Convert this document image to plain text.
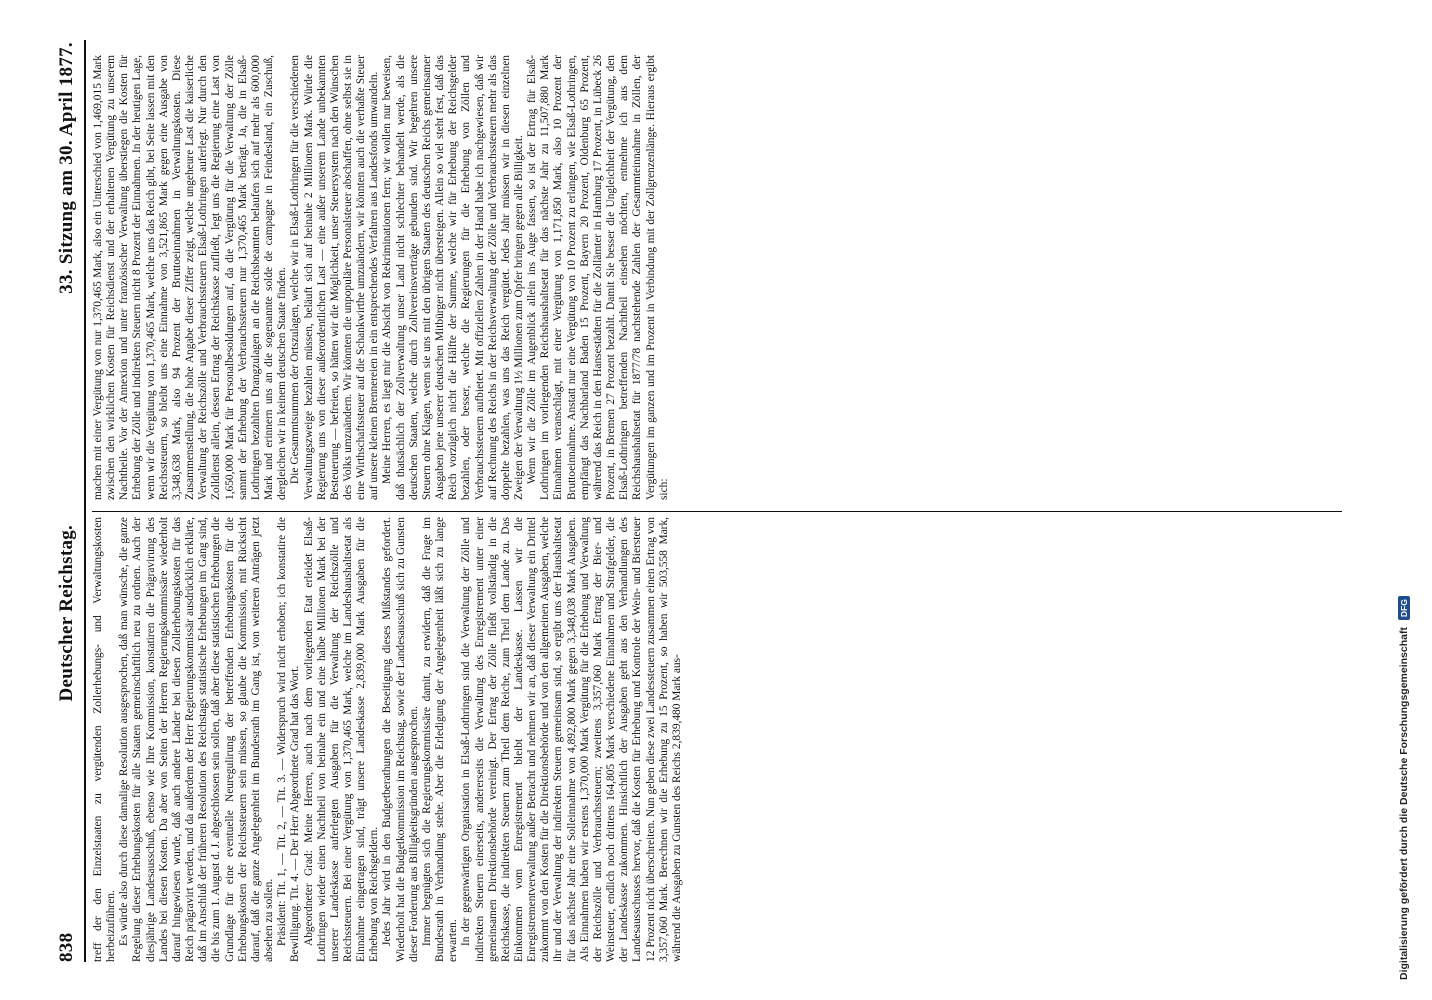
838
Deutscher Reichstag.
33. Sitzung am 30. April 1877.

treff der den Einzelstaaten zu vergütenden Zollerhebungs- und Verwaltungskosten herbeizuführen. Es würde also durch diese damalige Resolution ausgesprochen, daß man wünsche, die ganze Regelung dieser Erhebungskosten für alle Staaten gemeinschaftlich neu zu ordnen. Auch der diesjährige Landesausschuß, ebenso wie Ihre Kommission, konstatiren die Prägravirung des Landes bei diesen Kosten. Da aber von Seiten der Herren Regierungskommissäre wiederholt darauf hingewiesen wurde, daß auch andere Länder bei diesen Zollerhebungskosten für das Reich prägravirt werden, und da außerdem der Herr Regierungskommissär ausdrücklich erklärte, daß im Anschluß der früheren Resolution des Reichstags statistische Erhebungen im Gang sind, die bis zum 1. August d. J. abgeschlossen sein sollen, daß aber diese statistischen Erhebungen die Grundlage für eine eventuelle Neuregulirung der betreffenden Erhebungskosten für die Erhebungskosten der Reichssteuern sein müssen, so glaube die Kommission, mit Rücksicht darauf, daß die ganze Angelegenheit im Bundesrath im Gang ist, von weiteren Anträgen jetzt absehen zu sollen. Präsident: Tit. 1, — Tit. 2, — Tit. 3. — Widerspruch wird nicht erhoben; ich konstatire die Bewilligung. Tit. 4. — Der Herr Abgeordnete Grad hat das Wort. Abgeordneter Grad: Meine Herren, auch nach dem vorliegenden Etat erleidet Elsaß-Lothringen wieder einen Nachtheil von beinahe ein und eine halbe Millionen Mark bei der unserer Landeskasse auferlegten Ausgaben für die Verwaltung der Reichszölle und Reichssteuern. Bei einer Vergütung von 1,370,465 Mark, welche im Landeshaushaltsetat als Einnahme eingetragen sind, trägt unsere Landeskasse 2,839,000 Mark Ausgaben für die Erhebung von Reichsgeldern. Jedes Jahr wird in den Budgetberathungen die Beseitigung dieses Mißstandes gefordert. Wiederholt hat die Budgetkommission im Reichstag, sowie der Landesausschuß sich zu Gunsten dieser Forderung aus Billigkeitsgründen ausgesprochen. Immer begnügten sich die Regierungskommissäre damit, zu erwidern, daß die Frage im Bundesrath in Verhandlung stehe. Aber die Erledigung der Angelegenheit läßt sich zu lange erwarten. In der gegenwärtigen Organisation in Elsaß-Lothringen sind die Verwaltung der Zölle und indirekten Steuern einerseits, andererseits die Verwaltung des Enregistrement unter einer gemeinsamen Direktionsbehörde vereinigt. Der Ertrag der Zölle fließt vollständig in die Reichskasse, die indirekten Steuern zum Theil dem Reiche, zum Theil dem Lande zu. Das Einkommen vom Enregistrement bleibt der Landeskasse. Lassen wir die Enregistrementverwaltung außer Betracht und nehmen wir an, daß dieser Verwaltung ein Drittel zukommt von den Kosten für die Direktionsbehörde und von den allgemeinen Ausgaben, welche ihr und der Verwaltung der indirekten Steuern gemeinsam sind, so ergibt uns der Haushaltsetat für das nächste Jahr eine Solleinnahme von 4,892,800 Mark gegen 3,348,038 Mark Ausgaben. Als Einnahmen haben wir erstens 1,370,000 Mark Vergütung für die Erhebung und Verwaltung der Reichszölle und Verbrauchssteuern; zweitens 3,357,060 Mark Ertrag der Bier- und Weinsteuer, endlich noch drittens 164,805 Mark verschiedene Einnahmen und Strafgelder, die der Landeskasse zukommen. Hinsichtlich der Ausgaben geht aus den Verhandlungen des Landesausschusses hervor, daß die Kosten für Erhebung und Kontrole der Wein- und Biersteuer 12 Prozent nicht überschreiten. Nun geben diese zwei Landessteuern zusammen einen Ertrag von 3,357,060 Mark. Berechnen wir die Erhebung zu 15 Prozent, so haben wir 503,558 Mark, während die Ausgaben zu Gunsten des Reichs 2,839,480 Mark aus-

machen mit einer Vergütung von nur 1,370,465 Mark, also ein Unterschied von 1,469,015 Mark zwischen den wirklichen Kosten für Reichsdienst und der erhaltenen Vergütung zu unserem Nachtheile. Vor der Annexion und unter französischer Verwaltung überstiegen die Kosten für Erhebung der Zölle und indirekten Steuern nicht 8 Prozent der Einnahmen. In der heutigen Lage, wenn wir die Vergütung von 1,370,465 Mark, welche uns das Reich gibt, bei Seite lassen mit den Reichssteuern, so bleibt uns eine Einnahme von 3,521,865 Mark gegen eine Ausgabe von 3,348,638 Mark, also 94 Prozent der Bruttoeinnahmen in Verwaltungskosten. Diese Zusammenstellung, die hohe Angabe dieser Ziffer zeigt, welche ungeheure Last die kaiserliche Verwaltung der Reichszölle und Verbrauchssteuern Elsaß-Lothringen auferlegt. Nur durch den Zolldienst allein, dessen Ertrag der Reichskasse zufließt, legt uns die Regierung eine Last von 1,650,000 Mark für Personalbesoldungen auf, da die Vergütung für die Verwaltung der Zölle sammt der Erhebung der Verbrauchssteuern nur 1,370,465 Mark beträgt. Ja, die in Elsaß-Lothringen bezahlten Drangzulagen an die Reichsbeamten belaufen sich auf mehr als 600,000 Mark und erinnern uns an die sogenannte solde de campagne in Feindesland, ein Zuschuß, dergleichen wir in keinem deutschen Staate finden. Die Gesammtsummen der Ortszulagen, welche wir in Elsaß-Lothringen für die verschiedenen Verwaltungszweige bezahlen müssen, beläuft sich auf beinahe 2 Millionen Mark. Würde die Regierung uns von dieser außerordentlichen Last — eine außer unserem Lande unbekannten Besteuerung — befreien, so hätten wir die Möglichkeit, unser Steuersystem nach den Wünschen des Volks umzuändern. Wir könnten die unpopuläre Personalsteuer abschaffen, ohne selbst sie in eine Wirthschaftssteuer auf die Schankwirthe umzuändern, wir könnten auch die verhaßte Steuer auf unsere kleinen Brennereien in ein entsprechendes Verfahren aus Landesfonds umwandeln. Meine Herren, es liegt mir die Absicht von Rekriminationen fern; wir wollen nur beweisen, daß thatsächlich der Zollverwaltung unser Land nicht schlechter behandelt werde, als die deutschen Staaten, welche durch Zollvereinsverträge gebunden sind. Wir begehren unsere Steuern ohne Klagen, wenn sie uns mit den übrigen Staaten des deutschen Reichs gemeinsamer Ausgaben jene unserer deutschen Mitbürger nicht übersteigen. Allein so viel steht fest, daß das Reich vorzüglich nicht die Hälfte der Summe, welche wir für Erhebung der Reichsgelder bezahlen, oder besser, welche die Regierungen für die Erhebung von Zöllen und Verbrauchssteuern aufbietet. Mit offiziellen Zahlen in der Hand habe ich nachgewiesen, daß wir auf Rechnung des Reichs in der Reichsverwaltung der Zölle und Verbrauchssteuern mehr als das doppelte bezahlen, was uns das Reich vergütet. Jedes Jahr müssen wir in diesen einzelnen Zweigen der Verwaltung 1½ Millionen zum Opfer bringen gegen alle Billigkeit. Wenn wir die Zölle im Augenblick allein ins Auge fassen, so ist der Ertrag für Elsaß-Lothringen im vorliegenden Reichshaushaltsetat für das nächste Jahr zu 11,507,880 Mark Einnahmen veranschlagt, mit einer Vergütung von 1,171,850 Mark, also 10 Prozent der Bruttoeinnahme. Anstatt nur eine Vergütung von 10 Prozent zu erlangen, wie Elsaß-Lothringen, empfängt das Nachbarland Baden 15 Prozent, Bayern 20 Prozent, Oldenburg 65 Prozent, während das Reich in den Hansestädten für die Zollämter in Hamburg 17 Prozent, in Lübeck 26 Prozent, in Bremen 27 Prozent bezahlt. Damit Sie besser die Ungleichheit der Vergütung, den Elsaß-Lothringen betreffenden Nachtheil einsehen möchten, entnehme ich aus dem Reichshaushaltsetat für 1877/78 nachstehende Zahlen der Gesammteinnahme in Zöllen, der Vergütungen im ganzen und im Prozent in Verbindung mit der Zollgrenzenlänge. Hieraus ergibt sich:

Digitalisierung gefördert durch die Deutsche Forschungsgemeinschaft DFG
